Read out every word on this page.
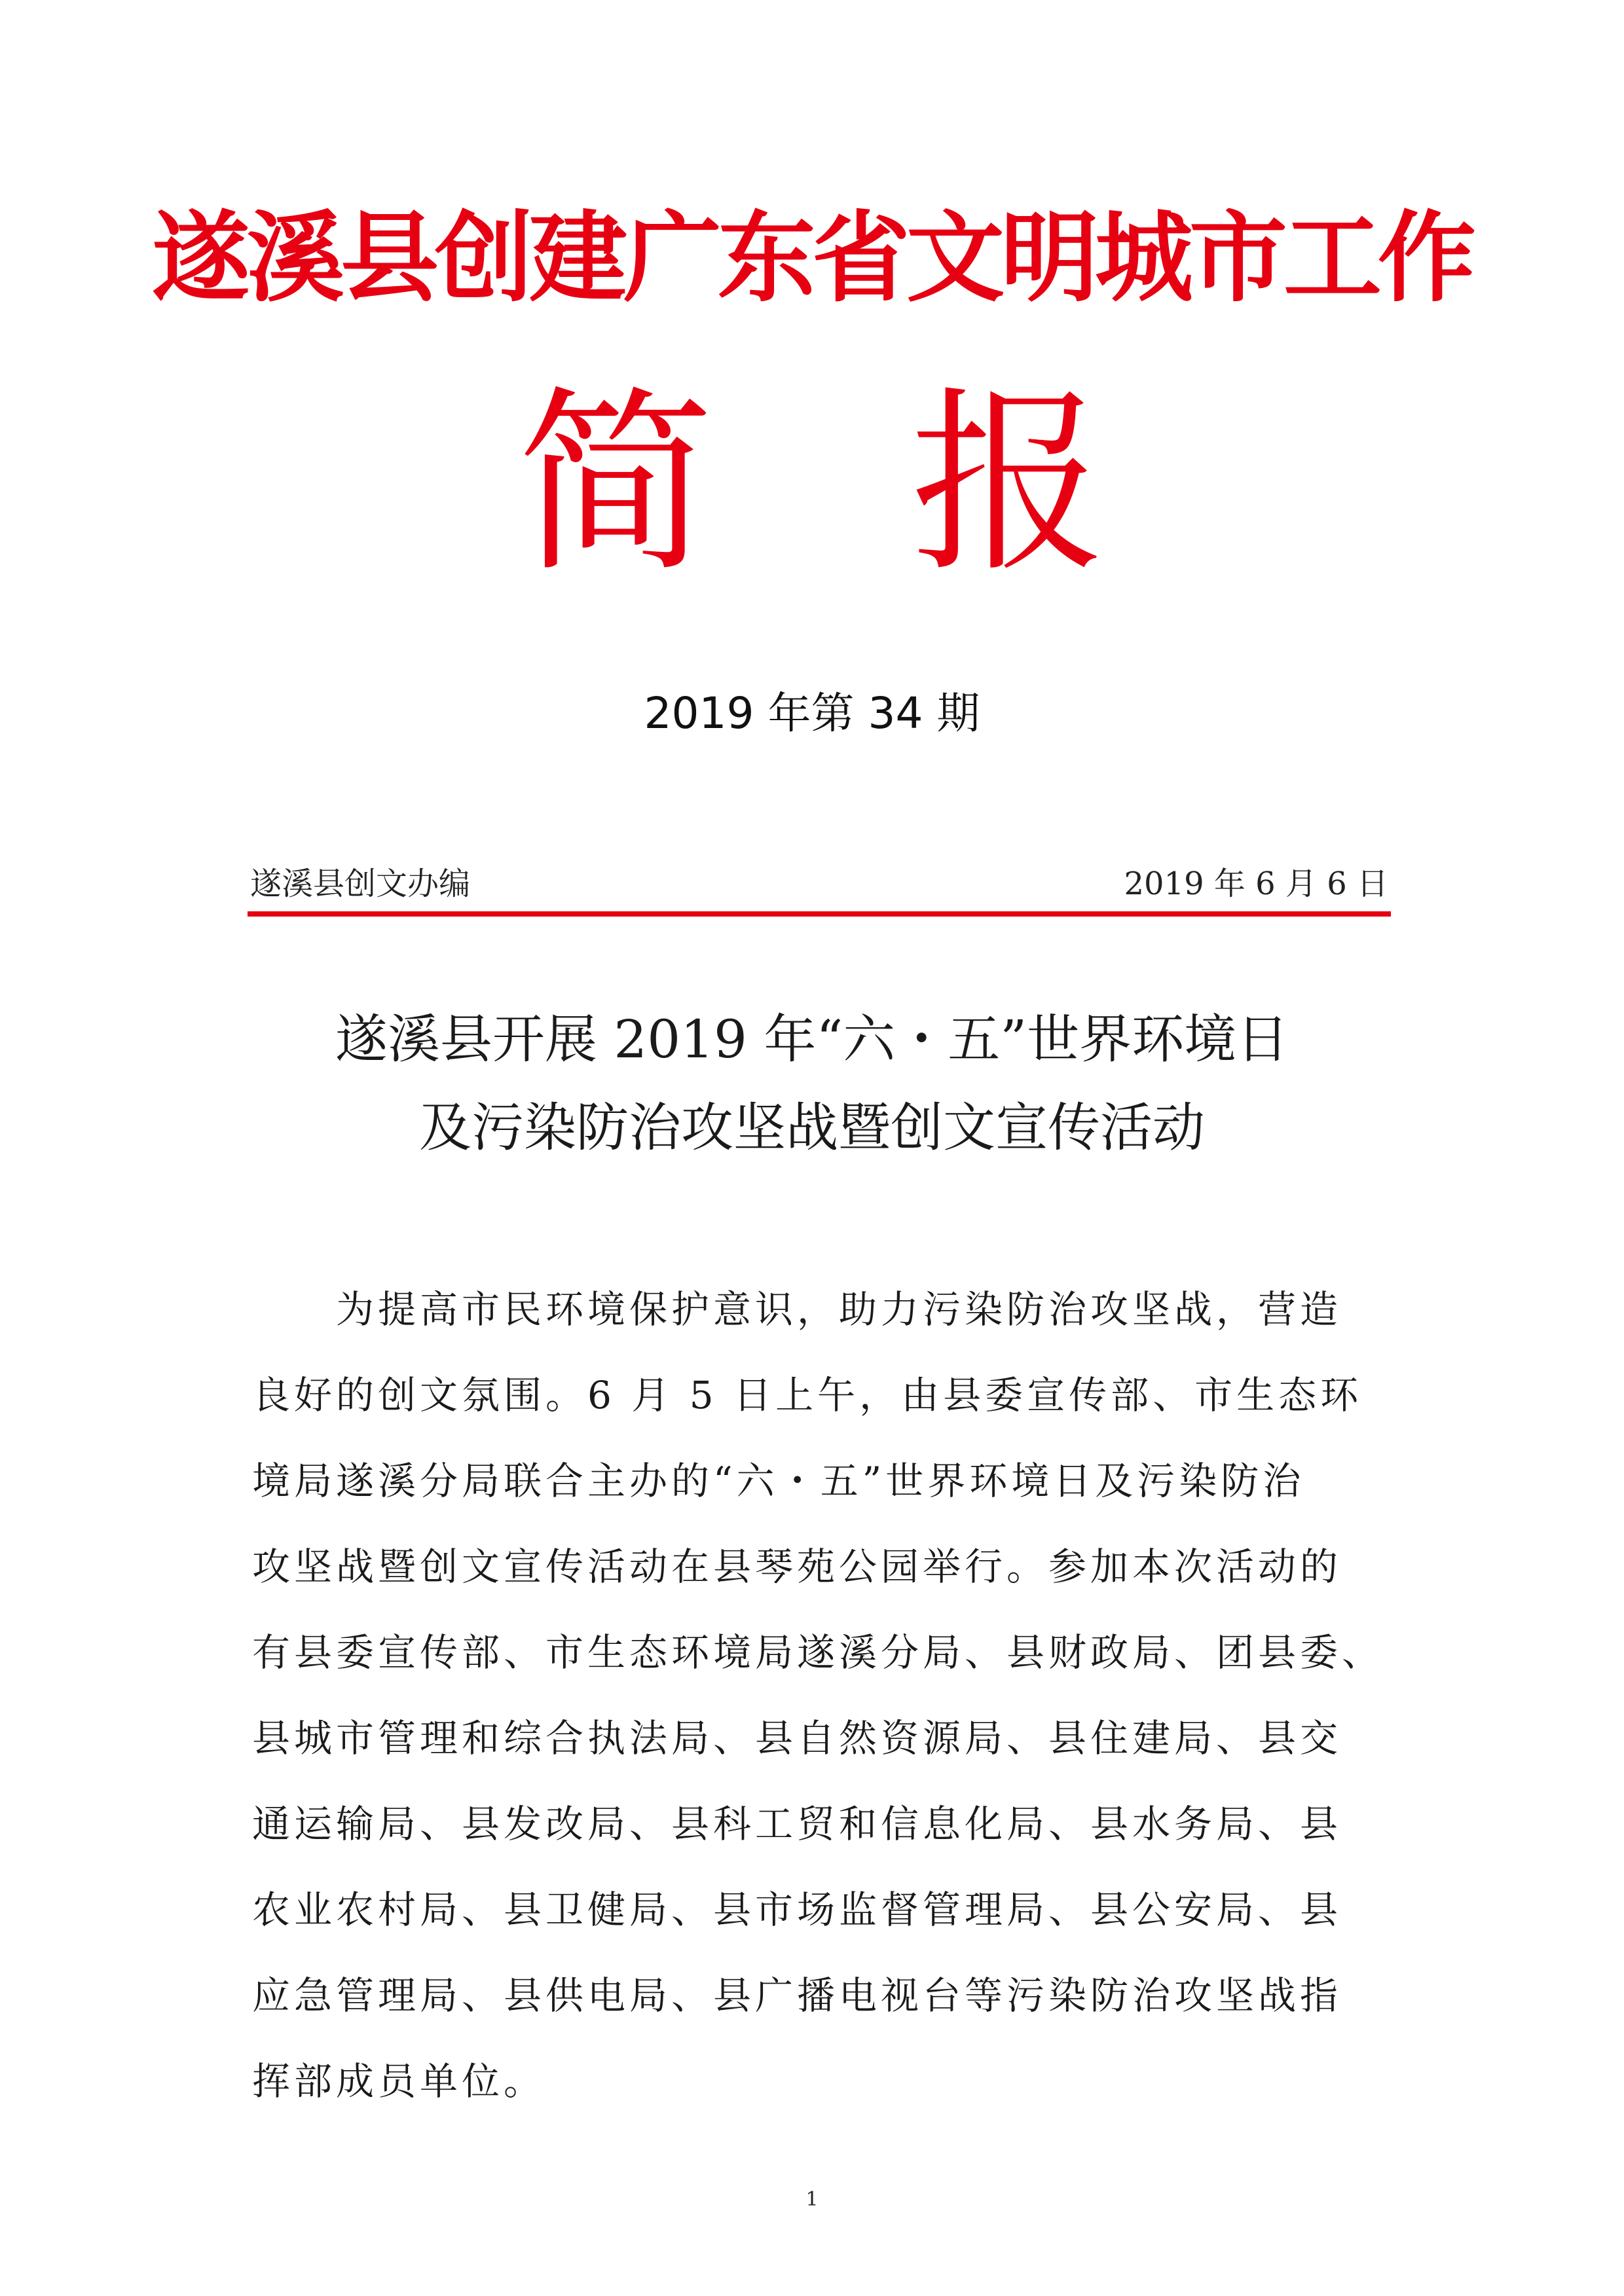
遂溪县创建广东省文明城市工作
简 报
2019 年第 34 期
遂溪县创文办编	2019 年 6 月 6 日
遂溪县开展 2019 年“六・五”世界环境日
及污染防治攻坚战暨创文宣传活动
　　为提高市民环境保护意识，助力污染防治攻坚战，营造
良好的创文氛围。6 月 5 日上午，由县委宣传部、市生态环
境局遂溪分局联合主办的“六・五”世界环境日及污染防治
攻坚战暨创文宣传活动在县琴苑公园举行。参加本次活动的
有县委宣传部、市生态环境局遂溪分局、县财政局、团县委、
县城市管理和综合执法局、县自然资源局、县住建局、县交
通运输局、县发改局、县科工贸和信息化局、县水务局、县
农业农村局、县卫健局、县市场监督管理局、县公安局、县
应急管理局、县供电局、县广播电视台等污染防治攻坚战指
挥部成员单位。
1
